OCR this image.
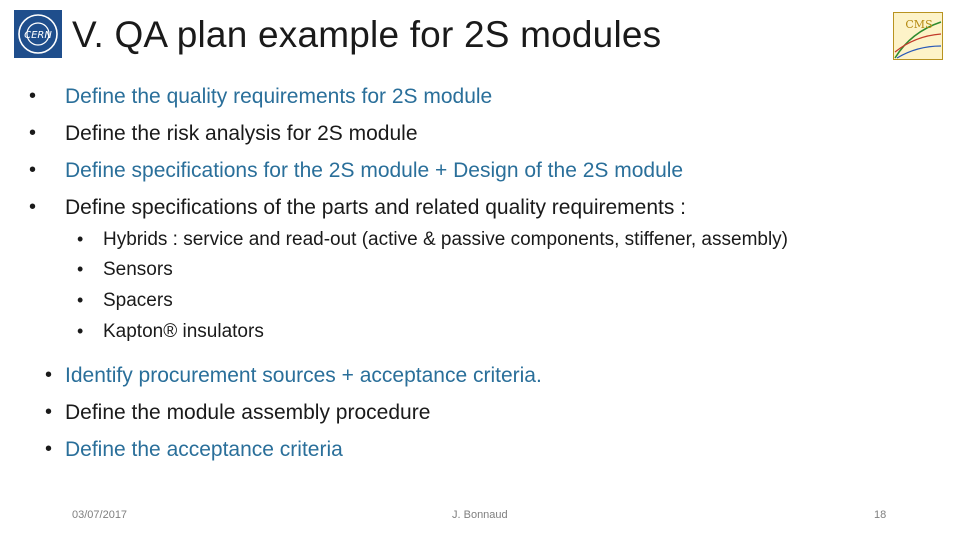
CERN V. QA plan example for 2S modules	CMS
• Define the quality requirements for 2S module
• Define the risk analysis for 2S module
• Define specifications for the 2S module + Design of the 2S module
• Define specifications of the parts and related quality requirements :
• Hybrids : service and read-out (active & passive components, stiffener, assembly)
• Sensors
• Spacers
• Kapton® insulators
• Identify procurement sources + acceptance criteria.
• Define the module assembly procedure
• Define the acceptance criteria
03/07/2017	J. Bonnaud	18
